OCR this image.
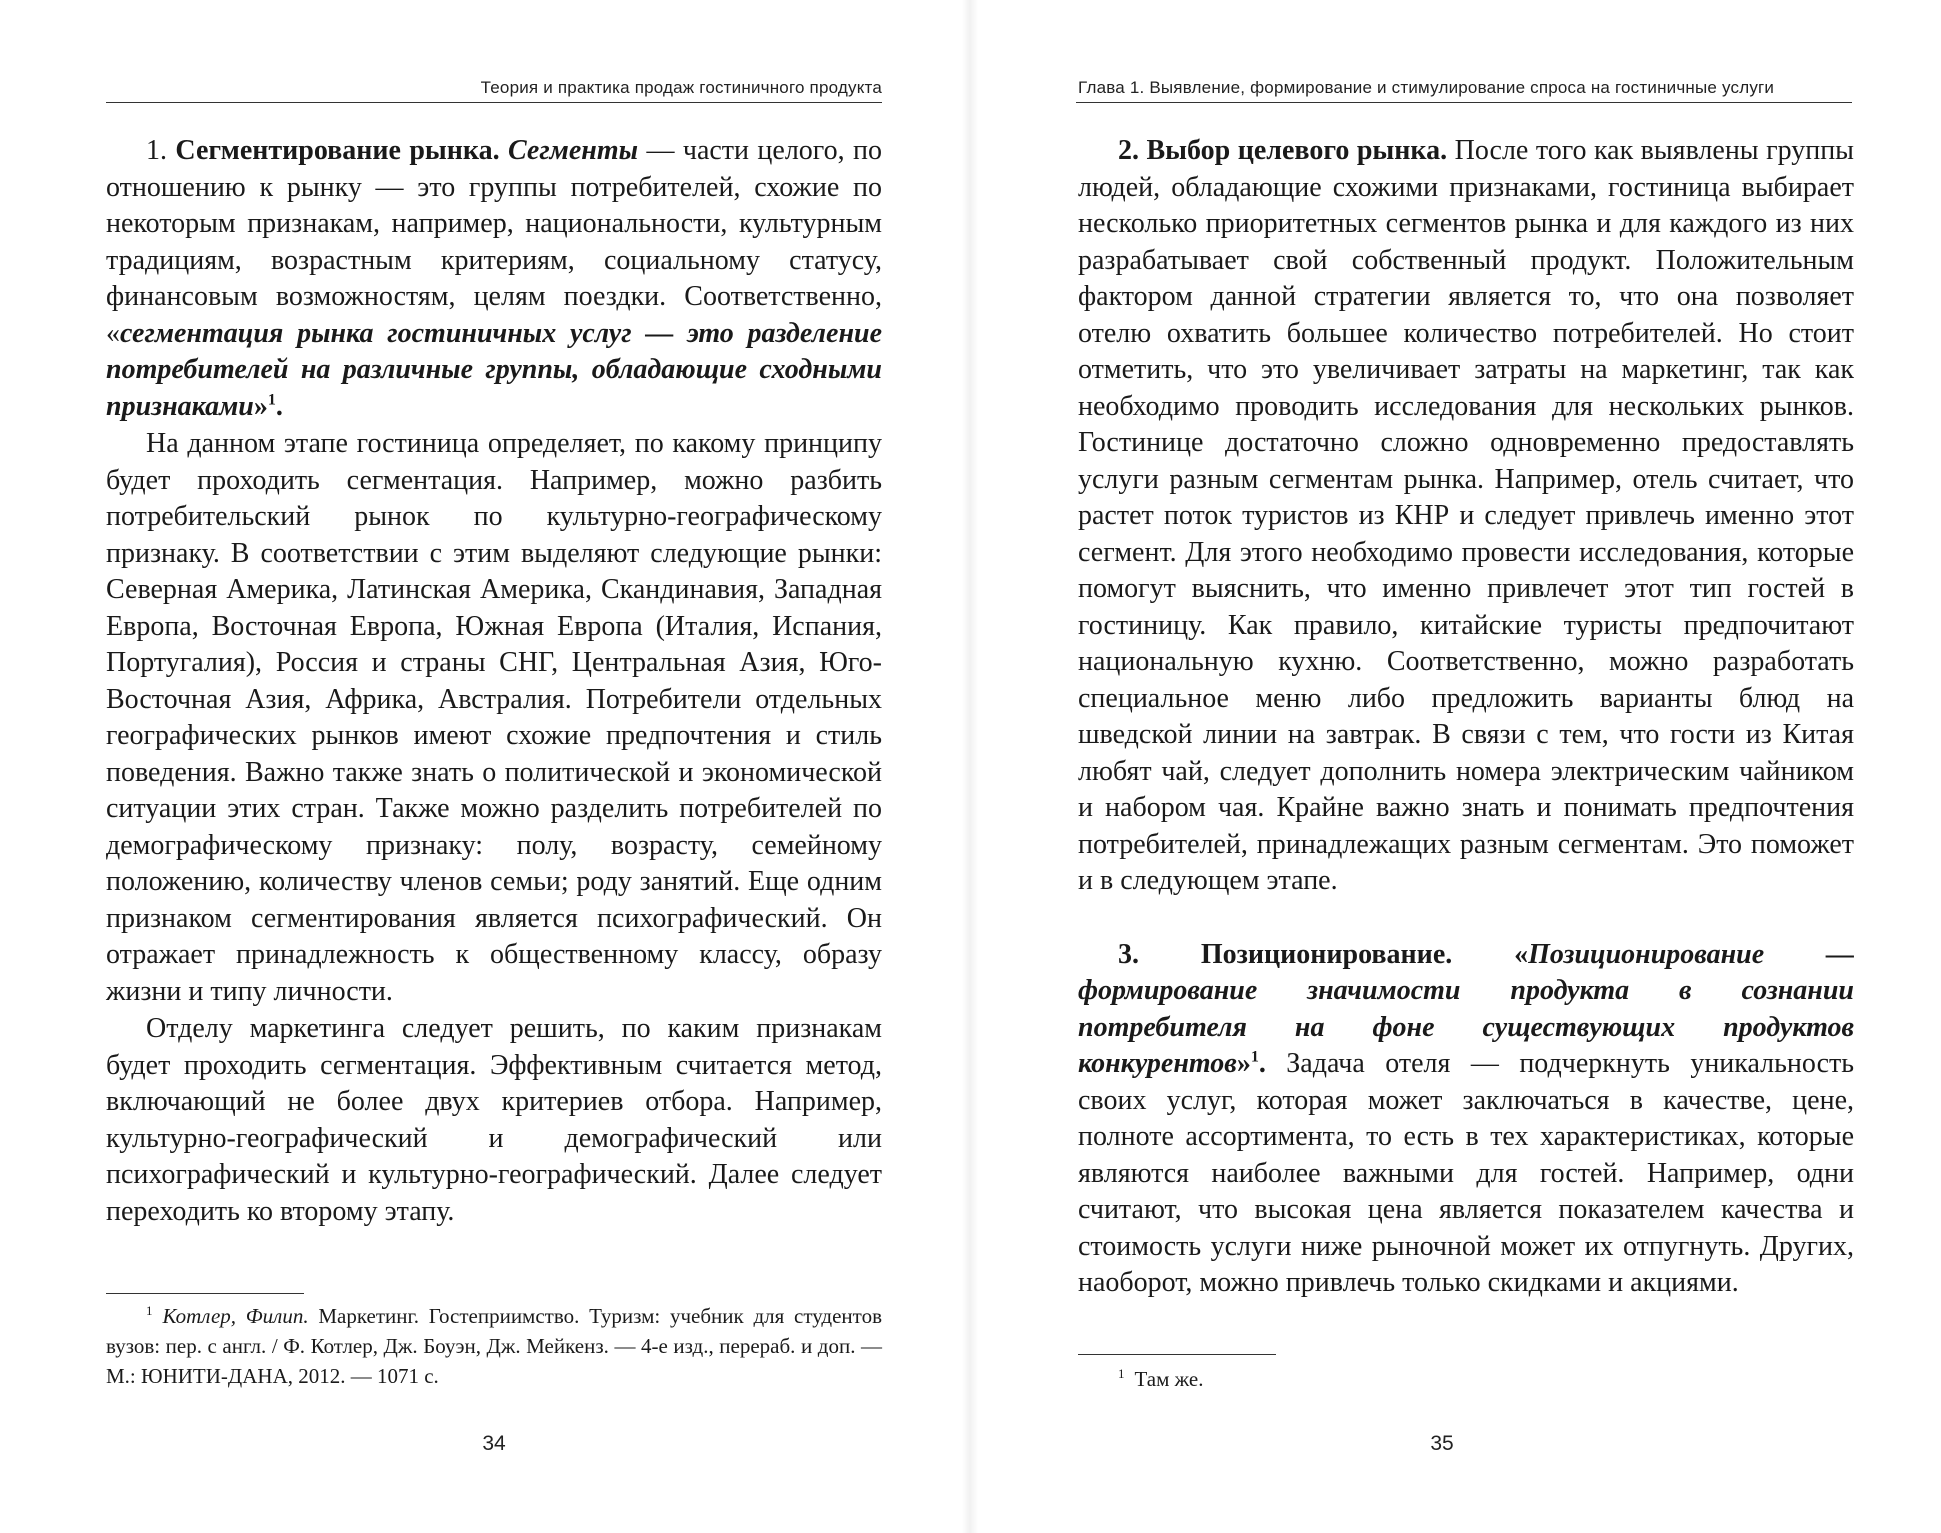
Теория и практика продаж гостиничного продукта

1. Сегментирование рынка. Сегменты — части целого, по отношению к рынку — это группы потребителей, схожие по некоторым признакам, например, национальности, культурным традициям, возрастным критериям, социальному статусу, финансовым возможностям, целям поездки. Соответственно, «сегментация рынка гостиничных услуг — это разделение потребителей на различные группы, обладающие сходными признаками»$^1$.

На данном этапе гостиница определяет, по какому принципу будет проходить сегментация. Например, можно разбить потребительский рынок по культурно-географическому признаку. В соответствии с этим выделяют следующие рынки: Северная Америка, Латинская Америка, Скандинавия, Западная Европа, Восточная Европа, Южная Европа (Италия, Испания, Португалия), Россия и страны СНГ, Центральная Азия, Юго-Восточная Азия, Африка, Австралия. Потребители отдельных географических рынков имеют схожие предпочтения и стиль поведения. Важно также знать о политической и экономической ситуации этих стран. Также можно разделить потребителей по демографическому признаку: полу, возрасту, семейному положению, количеству членов семьи; роду занятий. Еще одним признаком сегментирования является психографический. Он отражает принадлежность к общественному классу, образу жизни и типу личности.

Отделу маркетинга следует решить, по каким признакам будет проходить сегментация. Эффективным считается метод, включающий не более двух критериев отбора. Например, культурно-географический и демографический или психографический и культурно-географический. Далее следует переходить ко второму этапу.

$^1$ Котлер, Филип. Маркетинг. Гостеприимство. Туризм: учебник для студентов вузов: пер. с англ. / Ф. Котлер, Дж. Боуэн, Дж. Мейкенз. — 4-е изд., перераб. и доп. — М.: ЮНИТИ-ДАНА, 2012. — 1071 с.

34
Глава 1. Выявление, формирование и стимулирование спроса на гостиничные услуги

2. Выбор целевого рынка. После того как выявлены группы людей, обладающие схожими признаками, гостиница выбирает несколько приоритетных сегментов рынка и для каждого из них разрабатывает свой собственный продукт. Положительным фактором данной стратегии является то, что она позволяет отелю охватить большее количество потребителей. Но стоит отметить, что это увеличивает затраты на маркетинг, так как необходимо проводить исследования для нескольких рынков. Гостинице достаточно сложно одновременно предоставлять услуги разным сегментам рынка. Например, отель считает, что растет поток туристов из КНР и следует привлечь именно этот сегмент. Для этого необходимо провести исследования, которые помогут выяснить, что именно привлечет этот тип гостей в гостиницу. Как правило, китайские туристы предпочитают национальную кухню. Соответственно, можно разработать специальное меню либо предложить варианты блюд на шведской линии на завтрак. В связи с тем, что гости из Китая любят чай, следует дополнить номера электрическим чайником и набором чая. Крайне важно знать и понимать предпочтения потребителей, принадлежащих разным сегментам. Это поможет и в следующем этапе.

3. Позиционирование. «Позиционирование — формирование значимости продукта в сознании потребителя на фоне существующих продуктов конкурентов»$^1$. Задача отеля — подчеркнуть уникальность своих услуг, которая может заключаться в качестве, цене, полноте ассортимента, то есть в тех характеристиках, которые являются наиболее важными для гостей. Например, одни считают, что высокая цена является показателем качества и стоимость услуги ниже рыночной может их отпугнуть. Других, наоборот, можно привлечь только скидками и акциями.

$^1$ Там же.

35
